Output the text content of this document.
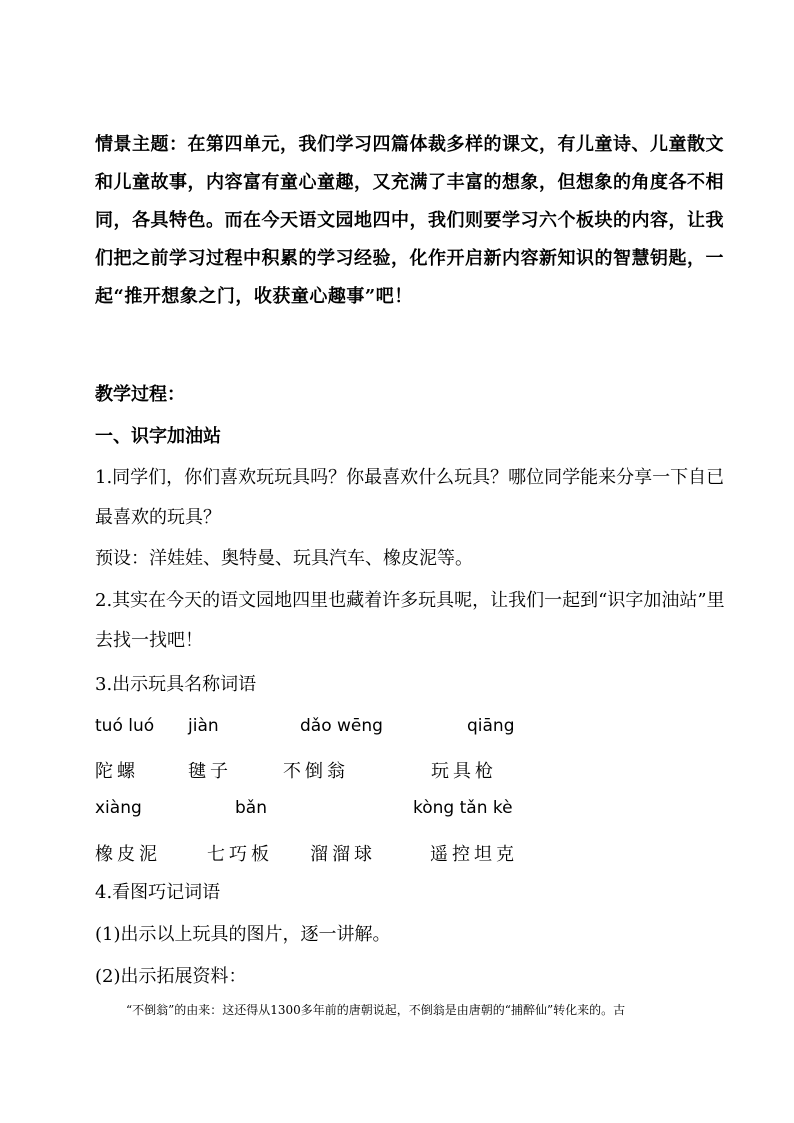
情景主题：在第四单元，我们学习四篇体裁多样的课文，有儿童诗、儿童散文和儿童故事，内容富有童心童趣，又充满了丰富的想象，但想象的角度各不相同，各具特色。而在今天语文园地四中，我们则要学习六个板块的内容，让我们把之前学习过程中积累的学习经验，化作开启新内容新知识的智慧钥匙，一起“推开想象之门，收获童心趣事”吧！
教学过程：
一、识字加油站
1.同学们，你们喜欢玩玩具吗？你最喜欢什么玩具？哪位同学能来分享一下自已最喜欢的玩具？
预设：洋娃娃、奥特曼、玩具汽车、橡皮泥等。
2.其实在今天的语文园地四里也藏着许多玩具呢，让我们一起到“识字加油站”里去找一找吧！
3.出示玩具名称词语
tuó luó jiàn	dǎo wēng	qiāng
陀螺	毽子	不倒翁	玩具枪
xiàng	bǎn	kòng tǎn kè
橡皮泥	七巧板 溜溜球	遥控坦克
4.看图巧记词语
(1)出示以上玩具的图片，逐一讲解。
(2)出示拓展资料：
“不倒翁”的由来：这还得从1300多年前的唐朝说起，不倒翁是由唐朝的“捕醉仙”转化来的。古
